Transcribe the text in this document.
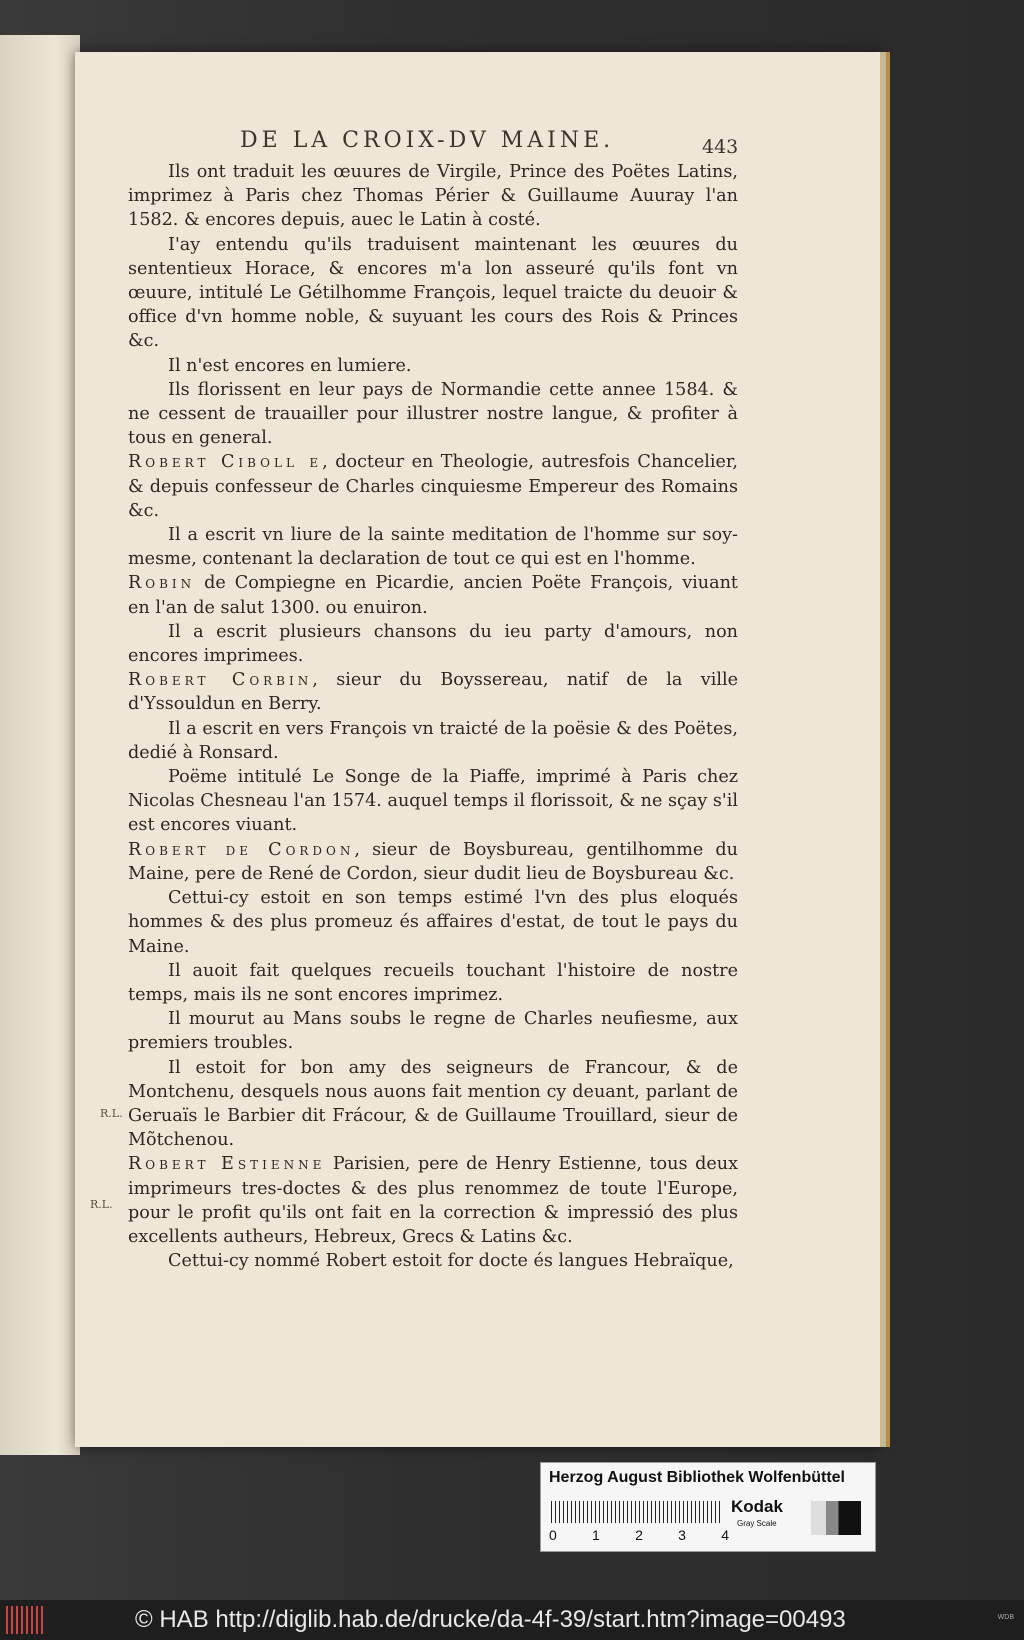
DE LA CROIX-DV MAINE.	443
R.L.
R.L.

Ils ont traduit les œuures de Virgile, Prince des Poëtes Latins, imprimez à Paris chez Thomas Périer & Guillaume Auuray l'an 1582. & encores depuis, auec le Latin à costé.

I'ay entendu qu'ils traduisent maintenant les œuures du sententieux Horace, & encores m'a lon asseuré qu'ils font vn œuure, intitulé Le Gétilhomme François, lequel traicte du deuoir & office d'vn homme noble, & suyuant les cours des Rois & Princes &c.

Il n'est encores en lumiere.

Ils florissent en leur pays de Normandie cette annee 1584. & ne cessent de trauailler pour illustrer nostre langue, & profiter à tous en general.

Robert Ciboll e, docteur en Theologie, autresfois Chancelier, & depuis confesseur de Charles cinquiesme Empereur des Romains &c.

Il a escrit vn liure de la sainte meditation de l'homme sur soy-mesme, contenant la declaration de tout ce qui est en l'homme.

Robin de Compiegne en Picardie, ancien Poëte François, viuant en l'an de salut 1300. ou enuiron.

Il a escrit plusieurs chansons du ieu party d'amours, non encores imprimees.

Robert Corbin, sieur du Boyssereau, natif de la ville d'Yssouldun en Berry.

Il a escrit en vers François vn traicté de la poësie & des Poëtes, dedié à Ronsard.

Poëme intitulé Le Songe de la Piaffe, imprimé à Paris chez Nicolas Chesneau l'an 1574. auquel temps il florissoit, & ne sçay s'il est encores viuant.

Robert de Cordon, sieur de Boysbureau, gentilhomme du Maine, pere de René de Cordon, sieur dudit lieu de Boysbureau &c.

Cettui-cy estoit en son temps estimé l'vn des plus eloqués hommes & des plus promeuz és affaires d'estat, de tout le pays du Maine.

Il auoit fait quelques recueils touchant l'histoire de nostre temps, mais ils ne sont encores imprimez.

Il mourut au Mans soubs le regne de Charles neufiesme, aux premiers troubles.

Il estoit for bon amy des seigneurs de Francour, & de Montchenu, desquels nous auons fait mention cy deuant, parlant de Geruaïs le Barbier dit Frácour, & de Guillaume Trouillard, sieur de Mõtchenou.

Robert Estienne Parisien, pere de Henry Estienne, tous deux imprimeurs tres-doctes & des plus renommez de toute l'Europe, pour le profit qu'ils ont fait en la correction & impressió des plus excellents autheurs, Hebreux, Grecs & Latins &c.

Cettui-cy nommé Robert estoit for docte és langues Hebraïque,

Herzog August Bibliothek Wolfenbüttel
0	1	2	3	4
Kodak
Gray Scale
© HAB http://diglib.hab.de/drucke/da-4f-39/start.htm?image=00493	WDB
